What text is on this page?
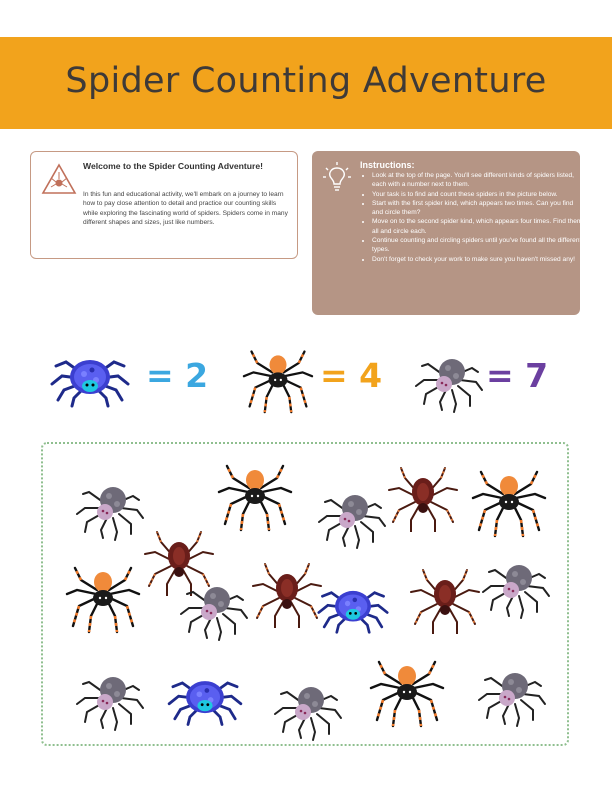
Spider Counting Adventure
Welcome to the Spider Counting Adventure!
In this fun and educational activity, we'll embark on a journey to learn how to pay close attention to detail and practice our counting skills while exploring the fascinating world of spiders. Spiders come in many different shapes and sizes, just like numbers.
Instructions:
• Look at the top of the page. You'll see different kinds of spiders listed, each with a number next to them.
• Your task is to find and count these spiders in the picture below.
• Start with the first spider kind, which appears two times. Can you find and circle them?
• Move on to the second spider kind, which appears four times. Find them all and circle each.
• Continue counting and circling spiders until you've found all the different types.
• Don't forget to check your work to make sure you haven't missed any!
= 2	= 4	= 7
